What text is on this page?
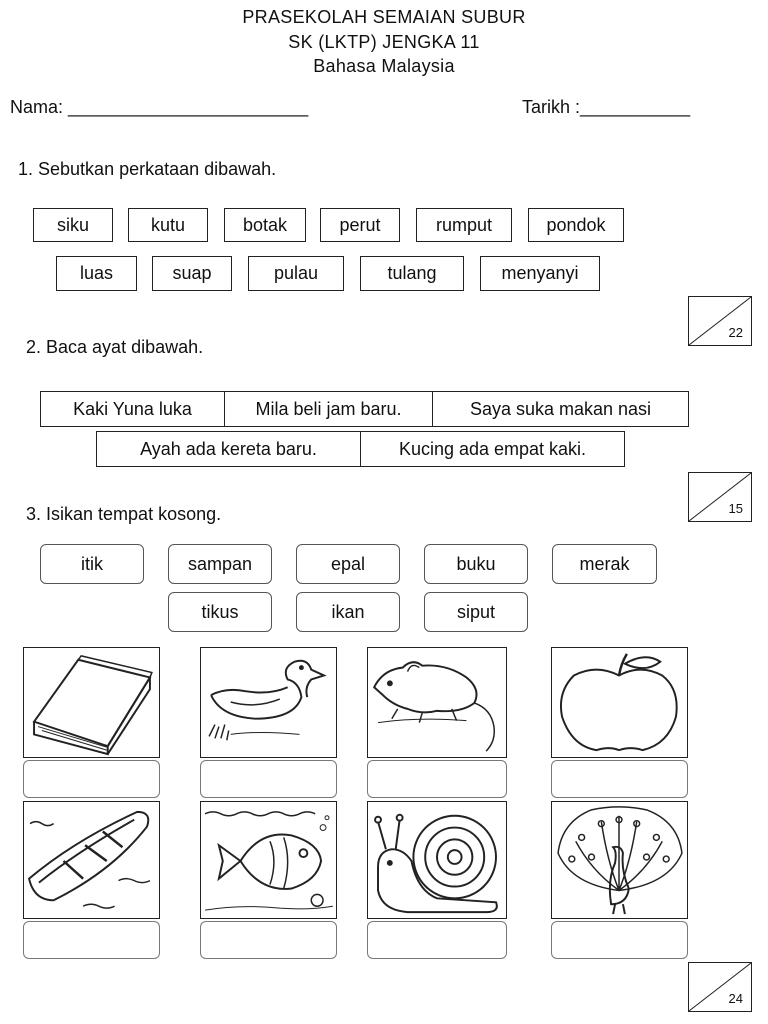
PRASEKOLAH SEMAIAN SUBUR
SK (LKTP) JENGKA 11
Bahasa Malaysia
Nama: ________________________	Tarikh :___________
1. Sebutkan perkataan dibawah.
siku	kutu	botak	perut	rumput	pondok
luas	suap	pulau	tulang	menyanyi
22
2. Baca ayat dibawah.
Kaki Yuna luka	Mila beli jam baru.	Saya suka makan nasi
Ayah ada kereta baru.	Kucing ada empat kaki.
15
3. Isikan tempat kosong.
itik	sampan	epal	buku	merak
tikus	ikan	siput
24
